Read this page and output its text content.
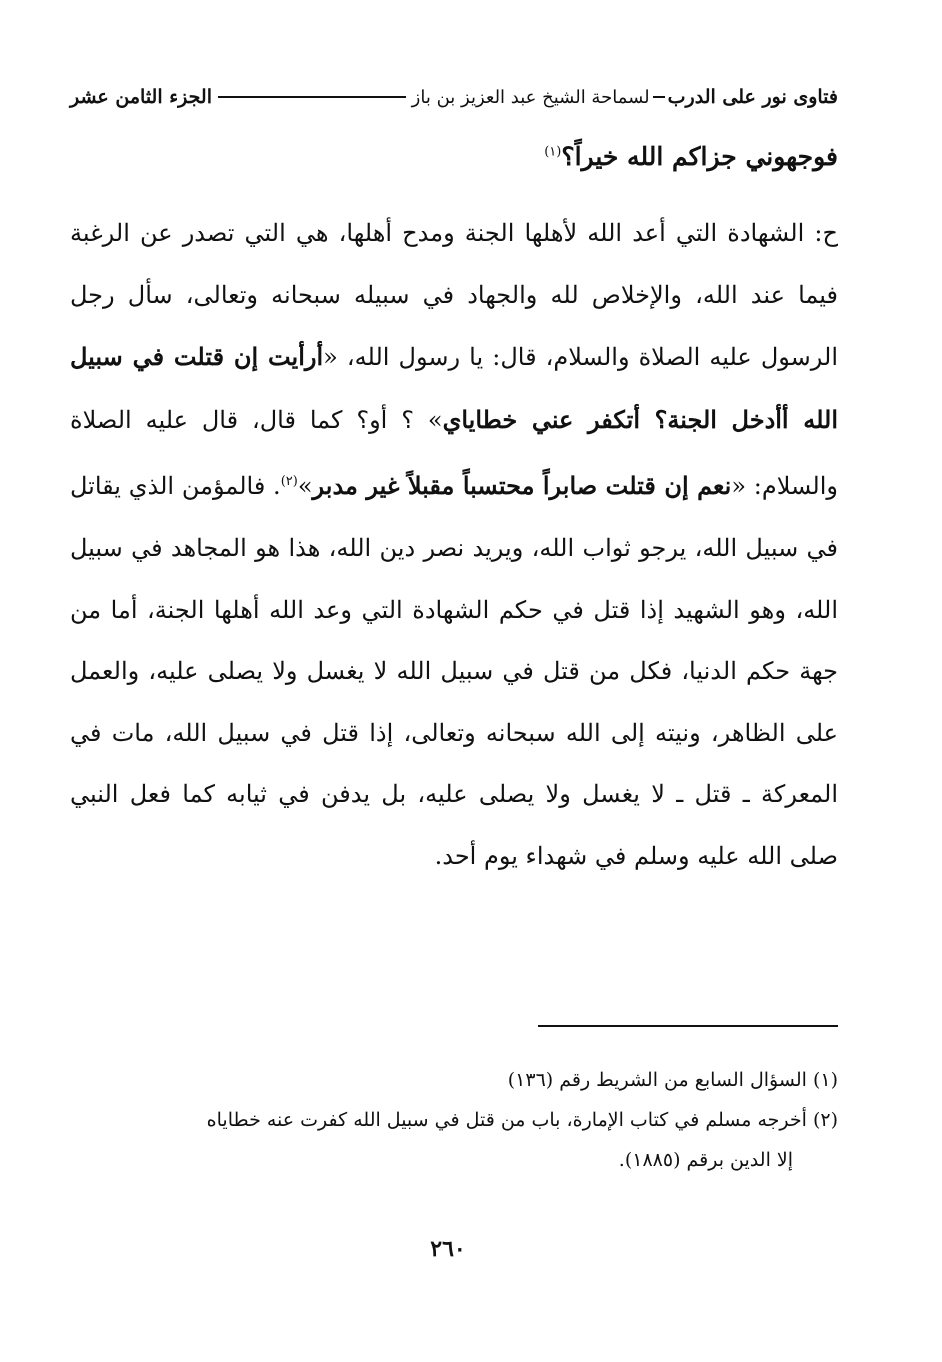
فتاوى نور على الدرب
لسماحة الشيخ عبد العزيز بن باز
الجزء الثامن عشر
فوجهوني جزاكم الله خيراً؟$^{(١)}$
ح: الشهادة التي أعد الله لأهلها الجنة ومدح أهلها، هي التي تصدر عن الرغبة فيما عند الله، والإخلاص لله والجهاد في سبيله سبحانه وتعالى، سأل رجل الرسول عليه الصلاة والسلام، قال: يا رسول الله، «أرأيت إن قتلت في سبيل الله أأدخل الجنة؟ أتكفر عني خطاياي» ؟ أو؟ كما قال، قال عليه الصلاة والسلام: «نعم إن قتلت صابراً محتسباً مقبلاً غير مدبر»$^{(٢)}$. فالمؤمن الذي يقاتل في سبيل الله، يرجو ثواب الله، ويريد نصر دين الله، هذا هو المجاهد في سبيل الله، وهو الشهيد إذا قتل في حكم الشهادة التي وعد الله أهلها الجنة، أما من جهة حكم الدنيا، فكل من قتل في سبيل الله لا يغسل ولا يصلى عليه، والعمل على الظاهر، ونيته إلى الله سبحانه وتعالى، إذا قتل في سبيل الله، مات في المعركة ـ قتل ـ لا يغسل ولا يصلى عليه، بل يدفن في ثيابه كما فعل النبي صلى الله عليه وسلم في شهداء يوم أحد.
(١) السؤال السابع من الشريط رقم (١٣٦)
(٢) أخرجه مسلم في كتاب الإمارة، باب من قتل في سبيل الله كفرت عنه خطاياه
إلا الدين برقم (١٨٨٥).
٢٦٠
